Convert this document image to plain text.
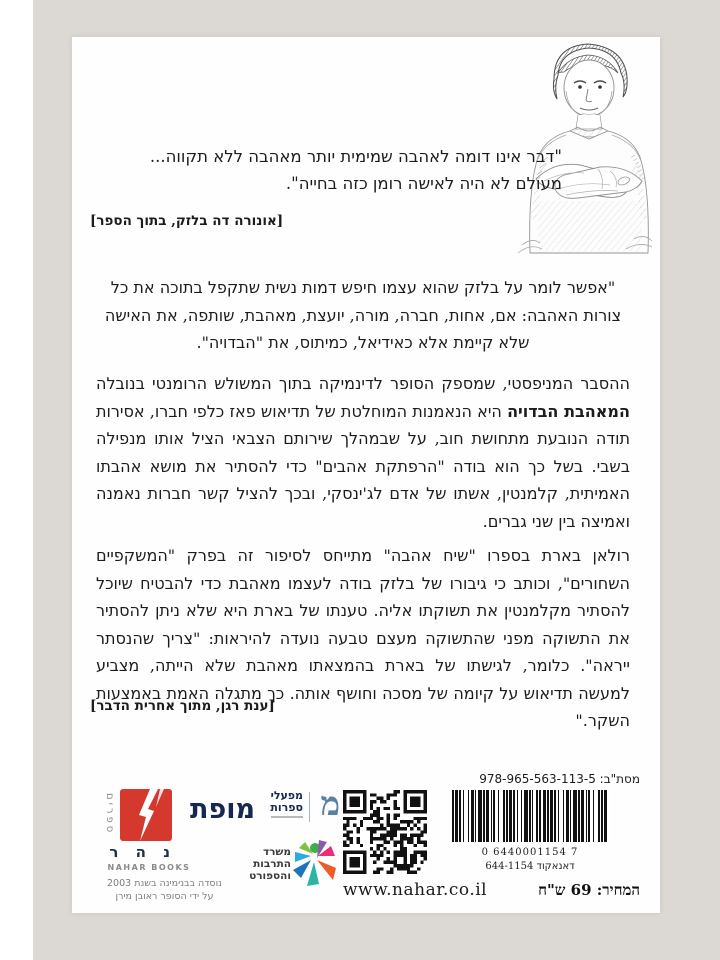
"דבר אינו דומה לאהבה שמימית יותר מאהבה ללא תקווה...
מעולם לא היה לאישה רומן כזה בחייה".
[אונורה דה בלזק, בתוך הספר]

"אפשר לומר על בלזק שהוא עצמו חיפש דמות נשית שתקפל בתוכה את כל צורות האהבה: אם, אחות, חברה, מורה, יועצת, מאהבת, שותפה, את האישה שלא קיימת אלא כאידיאל, כמיתוס, את "הבדויה".

ההסבר המניפסטי, שמספק הסופר לדינמיקה בתוך המשולש הרומנטי בנובלה המאהבת הבדויה היא הנאמנות המוחלטת של תדיאוש פאז כלפי חברו, אסירות תודה הנובעת מתחושת חוב, על שבמהלך שירותם הצבאי הציל אותו מנפילה בשבי. בשל כך הוא בודה "הרפתקת אהבים" כדי להסתיר את מושא אהבתו האמיתית, קלמנטין, אשתו של אדם לג'ינסקי, ובכך להציל קשר חברות נאמנה ואמיצה בין שני גברים.

רולאן בארת בספרו "שיח אהבה" מתייחס לסיפור זה בפרק "המשקפיים השחורים", וכותב כי גיבורו של בלזק בודה לעצמו מאהבת כדי להבטיח שיוכל להסתיר מקלמנטין את תשוקתו אליה. טענתו של בארת היא שלא ניתן להסתיר את התשוקה מפני שהתשוקה מעצם טבעה נועדה להיראות: "צריך שהנסתר ייראה". כלומר, לגישתו של בארת בהמצאתו מאהבת שלא הייתה, מצביע למעשה תדיאוש על קיומה של מסכה וחושף אותה. כך מתגלה האמת באמצעות השקר."

[ענת רגן, מתוך אחרית הדבר]
ספרים
נ ה ר
NAHAR BOOKS
נוסדה בבנימינה בשנת 2003
על ידי הסופר ראובן מירן
מופת מ
מפעלי
ספרות
משרד
התרבות
והספורט
www.nahar.co.il
מסת"ב: 978-965-563-113-5
0 6440001154 7
דאנאקוד 644-1154
המחיר: 69 ש"ח
